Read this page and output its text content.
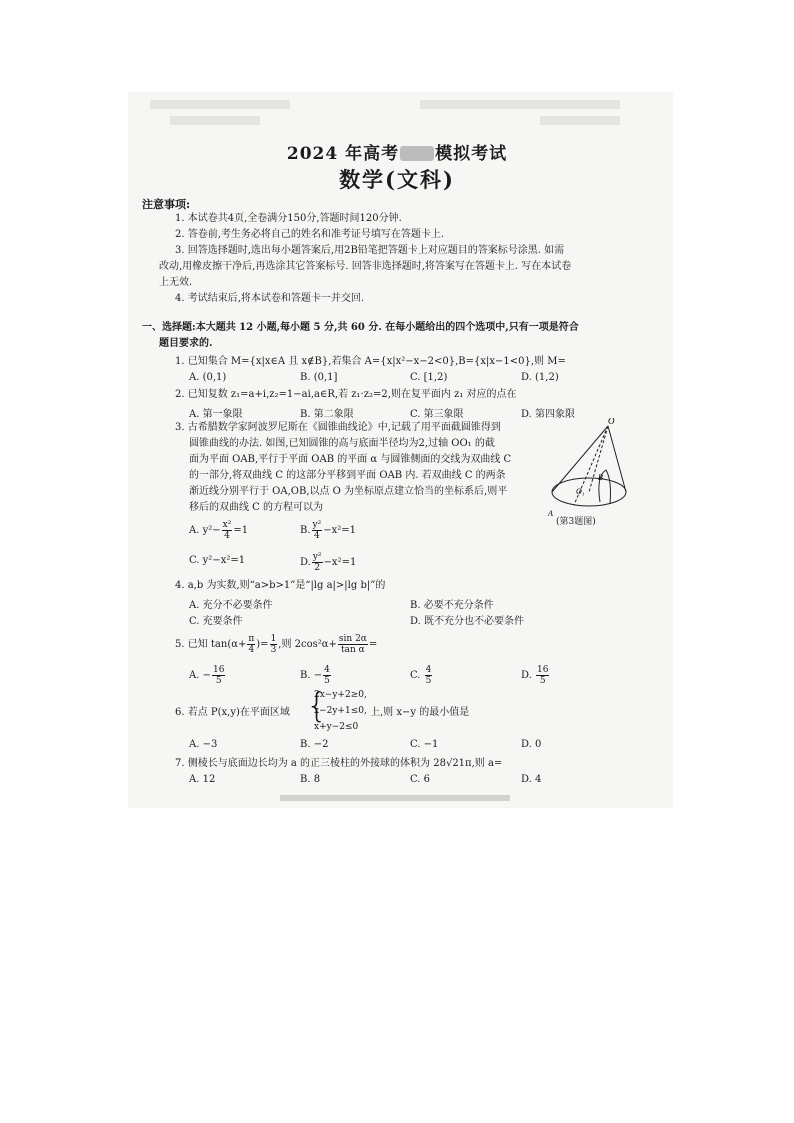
2024 年高考 模拟考试
数学(文科)
注意事项:
1. 本试卷共4页,全卷满分150分,答题时间120分钟.
2. 答卷前,考生务必将自己的姓名和准考证号填写在答题卡上.
3. 回答选择题时,选出每小题答案后,用2B铅笔把答题卡上对应题目的答案标号涂黑. 如需
改动,用橡皮擦干净后,再选涂其它答案标号. 回答非选择题时,将答案写在答题卡上. 写在本试卷
上无效.
4. 考试结束后,将本试卷和答题卡一并交回.
一、选择题:本大题共 12 小题,每小题 5 分,共 60 分. 在每小题给出的四个选项中,只有一项是符合
题目要求的.
1. 已知集合 M={x|x∈A 且 x∉B},若集合 A={x|x²−x−2<0},B={x|x−1<0},则 M=
A. (0,1)	B. (0,1]	C. [1,2)	D. (1,2)
2. 已知复数 z₁=a+i,z₂=1−ai,a∈R,若 z₁·z₂=2,则在复平面内 z₁ 对应的点在
A. 第一象限	B. 第二象限	C. 第三象限	D. 第四象限
3. 古希腊数学家阿波罗尼斯在《圆锥曲线论》中,记载了用平面截圆锥得到
圆锥曲线的办法. 如图,已知圆锥的高与底面半径均为2,过轴 OO₁ 的截
面为平面 OAB,平行于平面 OAB 的平面 α 与圆锥侧面的交线为双曲线 C
的一部分,将双曲线 C 的这部分平移到平面 OAB 内. 若双曲线 C 的两条
渐近线分别平行于 OA,OB,以点 O 为坐标原点建立恰当的坐标系后,则平
移后的双曲线 C 的方程可以为
A. $y^2- \frac{\text{x²}}{4} =1$	B. $\frac{\text{y²}}{4} -x^2=1$
C. y²−x²=1	D. $\frac{\text{y²}}{2} -x^2=1$
O
O₁
A
B
(第3题图)
4. a,b 为实数,则“a>b>1”是“|lg a|>|lg b|”的
A. 充分不必要条件	B. 必要不充分条件
C. 充要条件	D. 既不充分也不必要条件
5. 已知 $\tan(\alpha+ \frac{\pi}{4}$ )= $\frac{1}{3}$ ,则 $2\cos^2\alpha+ \frac{\sin 2\alpha}{\text{tan α}}$ =
A. − $\frac{16}{5}$	B. − $\frac{4}{5}$	C. $\frac{4}{5}$	D. $\frac{16}{5}$
6. 若点 P(x,y)在平面区域 {
2x−y+2≥0,
x−2y+1≤0,
x+y−2≤0
上,则 x−y 的最小值是
A. −3	B. −2	C. −1	D. 0
7. 侧棱长与底面边长均为 a 的正三棱柱的外接球的体积为 28√21π,则 a=
A. 12	B. 8	C. 6	D. 4
